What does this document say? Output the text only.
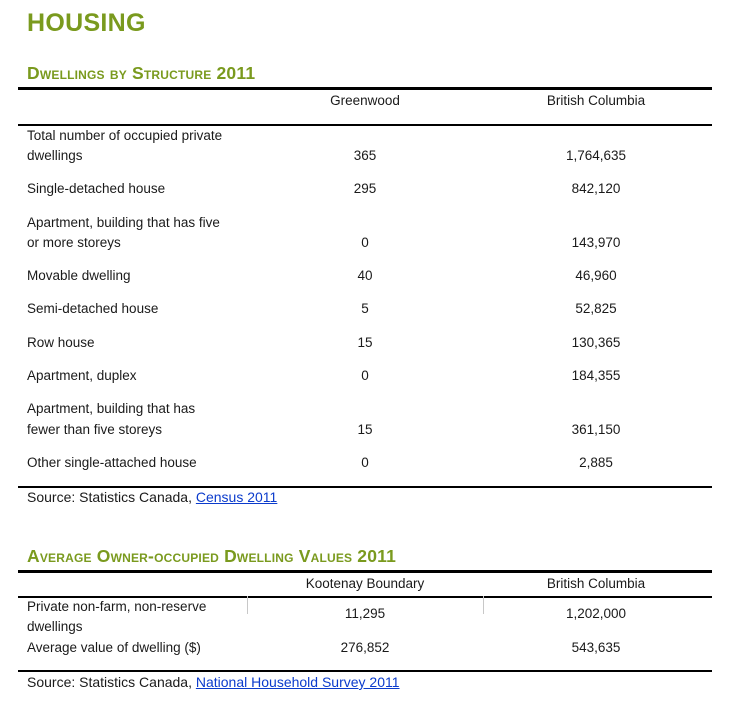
HOUSING
Dwellings by Structure 2011
Greenwood	British Columbia
Total number of occupied private
dwellings	365	1,764,635
Single-detached house	295	842,120
Apartment, building that has five
or more storeys	0	143,970
Movable dwelling	40	46,960
Semi-detached house	5	52,825
Row house	15	130,365
Apartment, duplex	0	184,355
Apartment, building that has
fewer than five storeys	15	361,150
Other single-attached house	0	2,885
Source: Statistics Canada, Census 2011
Average Owner-occupied Dwelling Values 2011
Kootenay Boundary	British Columbia
Private non-farm, non-reserve
dwellings
11,295	1,202,000
Average value of dwelling ($)	276,852	543,635
Source: Statistics Canada, National Household Survey 2011
